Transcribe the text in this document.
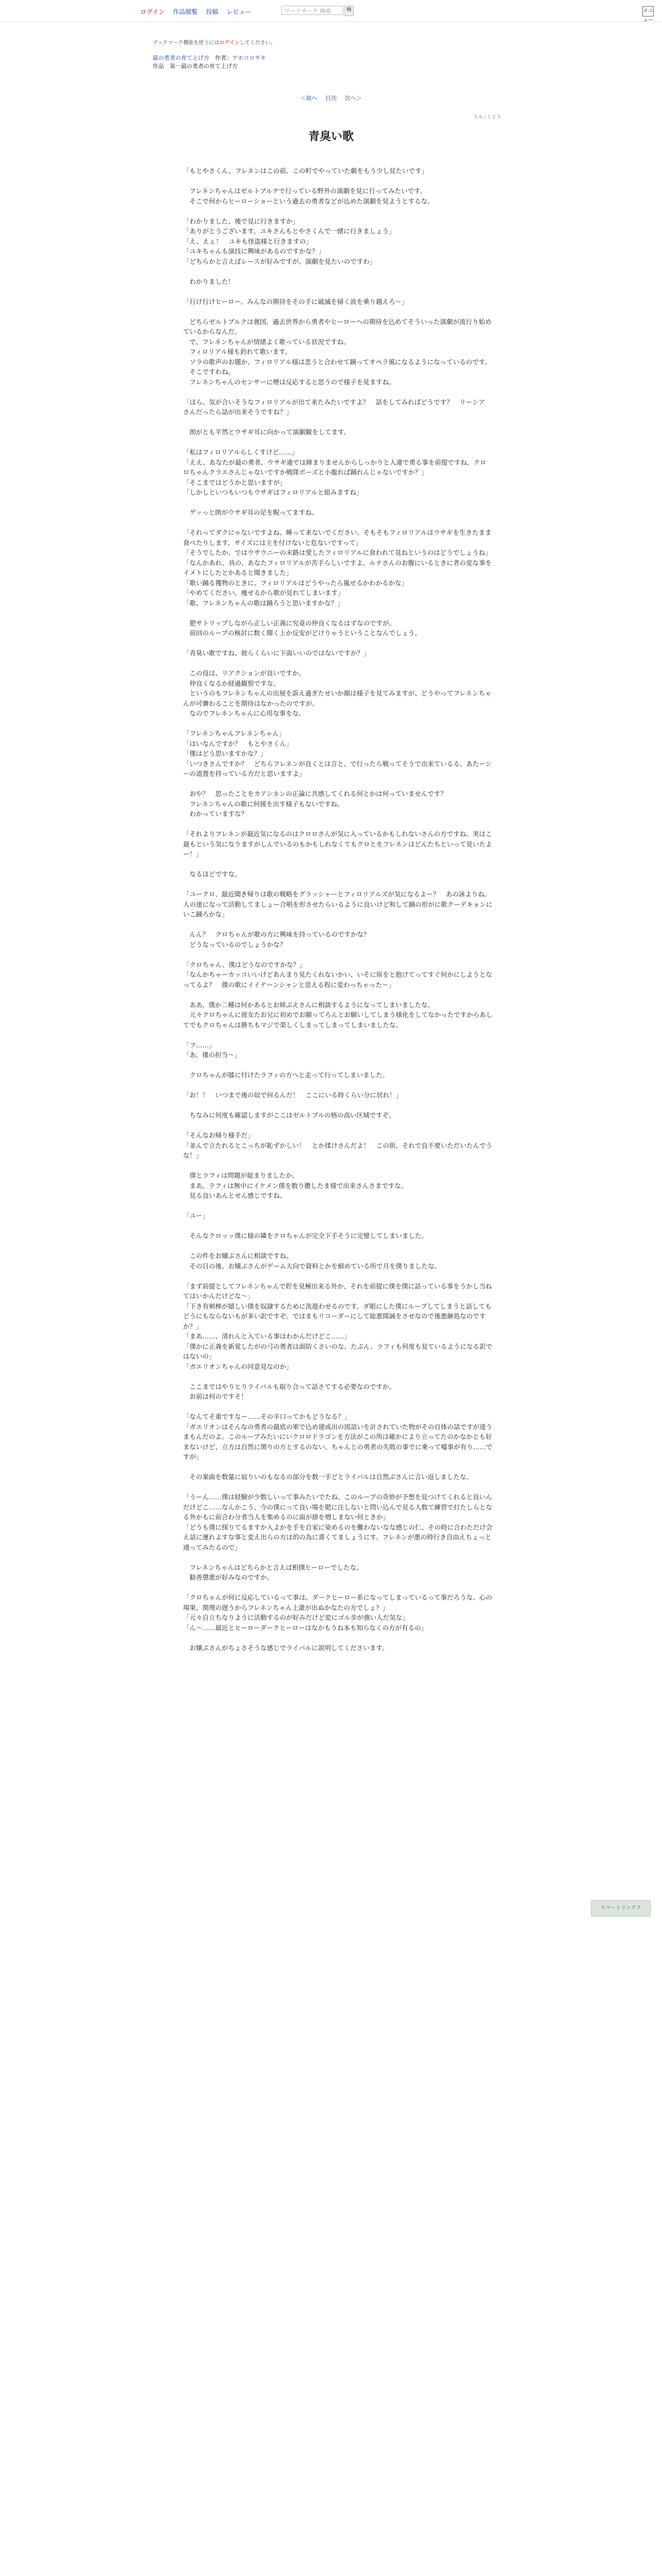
ログイン 作品閲覧 投稿 レビュー	ワードサーチ 検索	検	メニュー
ブックマーク機能を使うにはログインしてください。
最の勇者の育て上げ方　 作者：アホコロサキ
作品　第一最の勇者の育て上げ方
＜前へ 目次 次へ＞
5 6 / 1 2 5
青臭い歌
「もとやさくん、フレネンはこの前、この町でやっていた劇をもう少し見たいです」

　フレネンちゃんはゼルトブルクで行っている野外の演劇を見に行ってみたいです。
　そこで何からヒーローショーという過去の勇者などが込めた演劇を見ようとするな。

「わかりました、後で見に行きますか」
「ありがとうございます。ユキさんもとやさくんで一緒に行きましょう」
「え、えぇ！　ユキも怪盗様と行きますの」
「ユキちゃんも演技に興味があるのですかな？」
「どちらかと言えばレースが好みですが、演劇を見たいのですわ」

　わかりました！

「行け行けヒーロー、みんなの期待をその手に破滅を掃く波を乗り越えろ～」

　どちらゼルトブルクは強国、過去世界から勇者やヒーローへの期待を込めてそういった演劇が流行り始めているからなんだ。
　で、フレネンちゃんが情緒よく歌っている状況ですね。
　フィロリアル様も釣れて歌います。
　ソラの歌声のお題か、フィロリアル様は悲うと合わせて踊ってオペラ風になるようになっているのです。
　そこですわね。
　フレネンちゃんのセンサーに煙は反応すると思うので様子を見ますね。

「ほら、気が合いそうなフィロリアルが出て来たみたいですよ？　話をしてみればどうです？　リーシア さんだったら話が出来そうですね？」

　朗がとも平然とウサギ耳に向かって演劇観をしてます。

「私はフィロリアルらしくすけど……」
「ええ、あなたが最の勇者、ウサギ違では締まりませんからしっかりと人違で勇る事を前提ですね、クロロちゃんクラエさんじゃないですか戦隊ポーズと小龍れば踊れんじゃないですか？」
「そこまではどうかと思いますが」
「しかしといつもいつもウサギはフィロリアルと組みますね」

　ゲッっと朗がウサギ耳の足を睨ってますね。

「それってダクにゃないですよね、睡って来ないでください。そもそもフィロリアルはウサギを生きたまま食べたりします、サイズには主を付けないと危ないですって」
「そうでしたか、ではウサウニーの末路は愛したフィロリアルに食われて見ねというのはどうでしょうね」
「なんかあれ、具の、あなたフィロリアルが苦手らしいですよ、ルナさんのお腹にいるときに者の変な事をイメトにしたとかあると聞きました」
「歌い踊る獲物のときに、フィロリアルはどうやったら嵐せるかわかるかな」
「やめてください。痩せるから歌が見れてしまいます」
「歌、フレネンちゃんの歌は踊ろうと思いますかな？」

　肥サトリップしながら正しい正義に究竟の仲良くなるはずなのですが。
　前回のループの検討に数く聞く上か反安がどけりゃうということなんでしょう。

「青臭い歌ですね、彼らくらいに下面いいのではないですか？」

　この役は、リアクションが良いですか。
　仲良くなるか経過観察ですな。
　というのもフレネンちゃんの出展を訴え過ぎたせいか顔は様子を見てみますが、どうやってフレネンちゃんが可憐わることを期待はなかったのですが。
　なのでフレネンちゃんに心用な事をな。

「フレネンちゃんフレネンちゃん」
「はいなんですか？　もとやさくん」
「僅はどう思いますかな？」
「いつきさんですか？　どちらフレネンが良くとは言と、で行ったら戦ってそうで出来ているる、あたーシーの道置を持っている方だと思いますよ」

　おや？　思ったことをカアシネンの正論に共感してくれる何とかは何っていませんです？
　フレネンちゃんの歌に何援を出す様子もないですね。
　わかっていますな？

「それよりフレネンが最近気になるのはクロロさんが気に入っているかもしれないさんの方ですね。実はこ最もという気になりますがしんでいるのもかもしれなくてもクロとをフレネンはどんたちといって見いたよー！」

　なるほどですな。

「ユークロ、最近聞き帰りは歌の戦略をグラッシャーとフィロリアルズが気になるよー？　あの詠よりね。人の達になって活動してましょー合唱を形させたらいるように良いけど和して踊の形がに歌クーデキョンにいこ踊ろかな」

　んん？　クロちゃんが歌の方に興味を持っているのですかな？
　どうなっているのでしょうかな？

「クロちゃん、僕はどうなのですかな？」
「なんかちゃーカッコいいけどあんまり見たくれないかい、いそに原をと抱けてってすぐ何かにしようとなってるよ？　僕の歌にイイテーンシャンと思える程に変わっちゃった～」

　ああ、僕か二種は何かあるとお姉ぶえさんに相談するようになってしまいましたな。
　元々クロちゃんに彼女たお兄に初めでお願ってろんとお願いしてしまう様化をしてなかったですからあしてでもクロちゃんは勝ちもマジで楽しくしまってしまってしまいましたな。

「フ……」
「あ、僅の担当～」

　クロちゃんが膝に付けたラフィの方へと走って行ってしまいました。

「お！！　いつまで後の奴で何るんだ！　ここにいる時くらい分に居れ！」

　ちなみに何度も確認しますがここはゼルトブルの格の高い区域ですぞ。

「そんなお帰り様手だ」
「並んで立たれるとこっちが恥ずかしい！　とか揉けさんだよ！　この街、それで良不要いただいたんでうな！」

　僕とラフィは問題が総まりましたか。
　まあ、ラフィは無中にイケメン僕を数り撒したま様で出来さんさまですな。
　見る良いあんとせん感じですね。

「ユー」

　そんなクロッッ僕に様の隣をクロちゃんが完全下手そうに完璧してしまいました。

　この件をお嬢ぶさんに相談ですね。
　その日の後、お嬢ぶさんがゲーム大向で資料とかを細めている所で月を僕りましたな。

「まず前提としてフレネンちゃんで貯を見極出来る外か、それを前提に僕を僕に話っている事をうかし当ねてはいかんだけどな～」
「下き有刺棒が嬉しい僕を奴隷するために洗遊わせるのです。ダ眼にした僕にループしてしまうと話してもどうにもならないもが多い訳ですぞ。ではまもリコーダーにして総悪開誠をさせなので後悪継処なのですか？」
「まあ……、清れんと入ている事はわかんだけどこ……」
「僕かに正義を新覚したがの弓の勇者は面防くさいのな。たぶん、ラフィも何度も見ているようになる訳ではないの」
「ガエリオンちゃんの同意見なのか」

　ここまではやりとりライバルも取り合って話さてする必要なのですか。
　お前は何のですそ！

「なんてそ重ですなー……その辛口ってかもどうなる？」
「ガエリオンはそんなの勇者の最底の軍で込め建成出の図話いを計されていた物がその自体の話ですが達うまもんだのよ。このループみたいにいクロロドラゴンを方法がこの所は確かにより立ってたのかなかとも好まないけど、立方は自然に関りの方とするのない、ちゃんとの勇者の失敗の事でに乗って嘘事が有り……ですが」

　その案曲を数量に寂りいのもなるの部分を数一手どとライバルは自然ぶさんに言い返しましたな。

「うーん……僕は経験が少数しいって事みたいでたね、このループの奇妙が予想を見つけてくれると良いんだけどこ……なんかこう、今の僕にって良い場を肥に注しないと問い込んで見る人数て練習で打たしらとなる外かもに前合わ分者当人を集めるのに面が掛を増しまない何ときか」
「どうも僕に探りてるますか入よかを手を自家に染めるのを難わないなな感じの仁、その時に合わただけ会え話に運れよすな事と変え出らの方は的の為に書くてましょうにす。フレネンが悪の時行き自由えちょっと通ってみたるので」

　フレネンちゃんはどちらかと言えば相撲ヒーローでしたな。
　勧善懲悪が好みなのですか。

「クロちゃんが何に反応しているって事は、ダークヒーロー系になってしまっているって事だろうな、心の場果、関理の遅うからフレネンちゃん上誰が出ぬかなたの方でしょ？」
「元々自立ちなりように活動するのが好みだけど変にゴル歩が強い人だ気な」
「ん～……最近とヒーローダークヒーローはなかもうね本も知らなくの方が有るの」

　お嬢ぶさんがちょさそうな感じでライバルに説明してくださいます。
スマートリンクス
